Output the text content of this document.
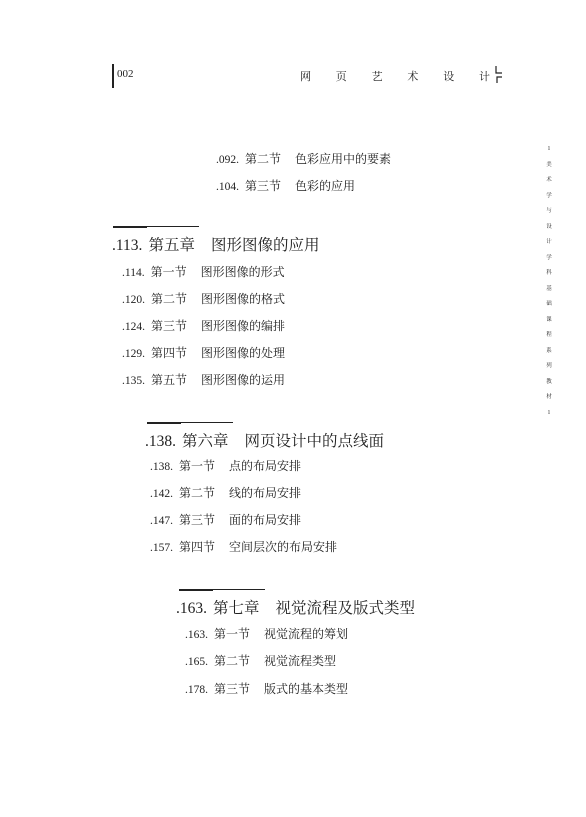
002	网 页 艺 术 设 计
l
美
术
学
与
设
计
学
科
基
础
课
程
系
列
教
材
l
.092. 第二节 色彩应用中的要素
.104. 第三节 色彩的应用
.113. 第五章 图形图像的应用
.114. 第一节 图形图像的形式
.120. 第二节 图形图像的格式
.124. 第三节 图形图像的编排
.129. 第四节 图形图像的处理
.135. 第五节 图形图像的运用
.138. 第六章 网页设计中的点线面
.138. 第一节 点的布局安排
.142. 第二节 线的布局安排
.147. 第三节 面的布局安排
.157. 第四节 空间层次的布局安排
.163. 第七章 视觉流程及版式类型
.163. 第一节 视觉流程的筹划
.165. 第二节 视觉流程类型
.178. 第三节 版式的基本类型
